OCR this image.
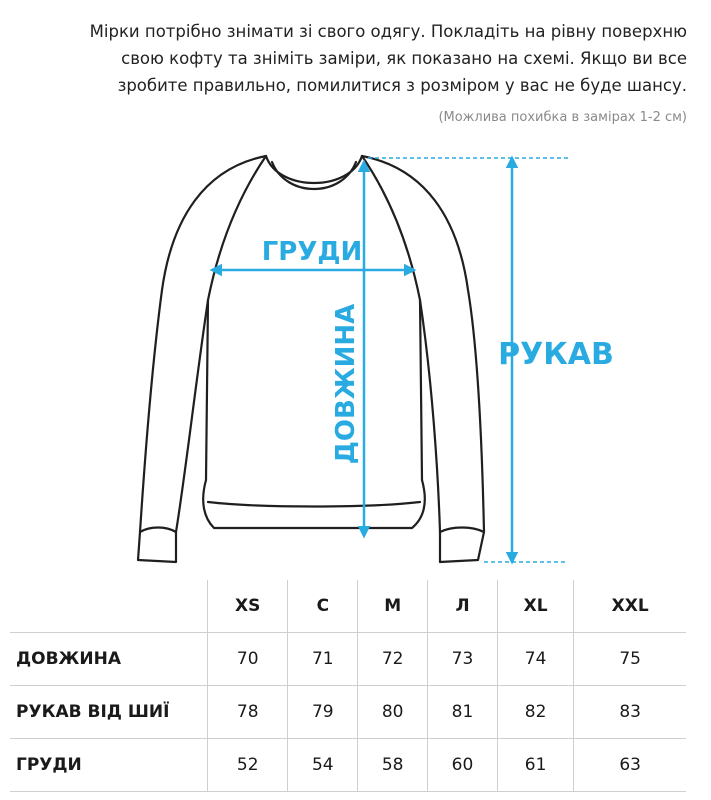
Мірки потрібно знімати зі свого одягу. Покладіть на рівну поверхню
свою кофту та зніміть заміри, як показано на схемі. Якщо ви все
зробите правильно, помилитися з розміром у вас не буде шансу.
(Можлива похибка в замірах 1-2 см)
ГРУДИ
ДОВЖИНА	РУКАВ
	XS	С	M	Л	XL	XXL
ДОВЖИНА	70	71	72	73	74	75
РУКАВ ВІД ШИЇ	78	79	80	81	82	83
ГРУДИ	52	54	58	60	61	63
